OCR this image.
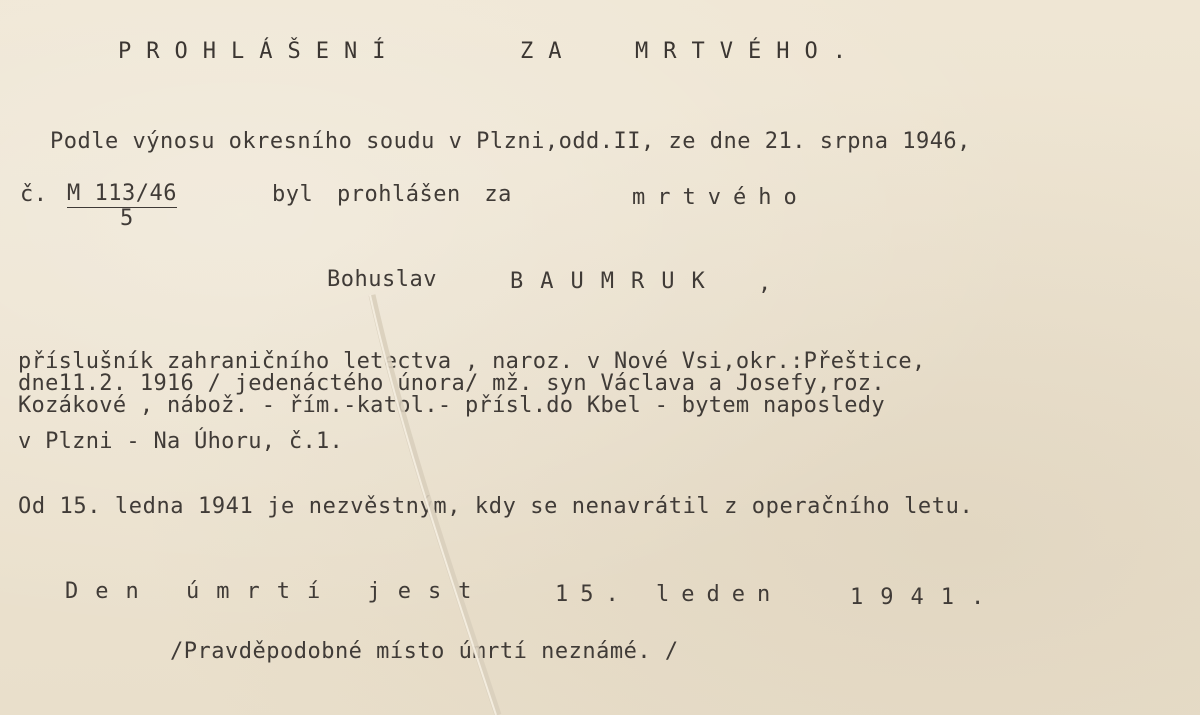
PROHLÁŠENÍ	ZA	MRTVÉHO.
Podle výnosu okresního soudu v Plzni,odd.II, ze dne 21. srpna 1946,
č. M 113/46
5
byl prohlášen za	mrtvého
Bohuslav	BAUMRUK ,
příslušník zahraničního letectva , naroz. v Nové Vsi,okr.:Přeštice,
dne11.2. 1916 / jedenáctého února/ mž. syn Václava a Josefy,roz.
Kozákové , nábož. - řím.-katol.- přísl.do Kbel - bytem naposledy
v Plzni - Na Úhoru, č.1.
Od 15. ledna 1941 je nezvěstným, kdy se nenavrátil z operačního letu.
Den úmrtí jest	15. leden	1941.
/Pravděpodobné místo úmrtí neznámé. /
